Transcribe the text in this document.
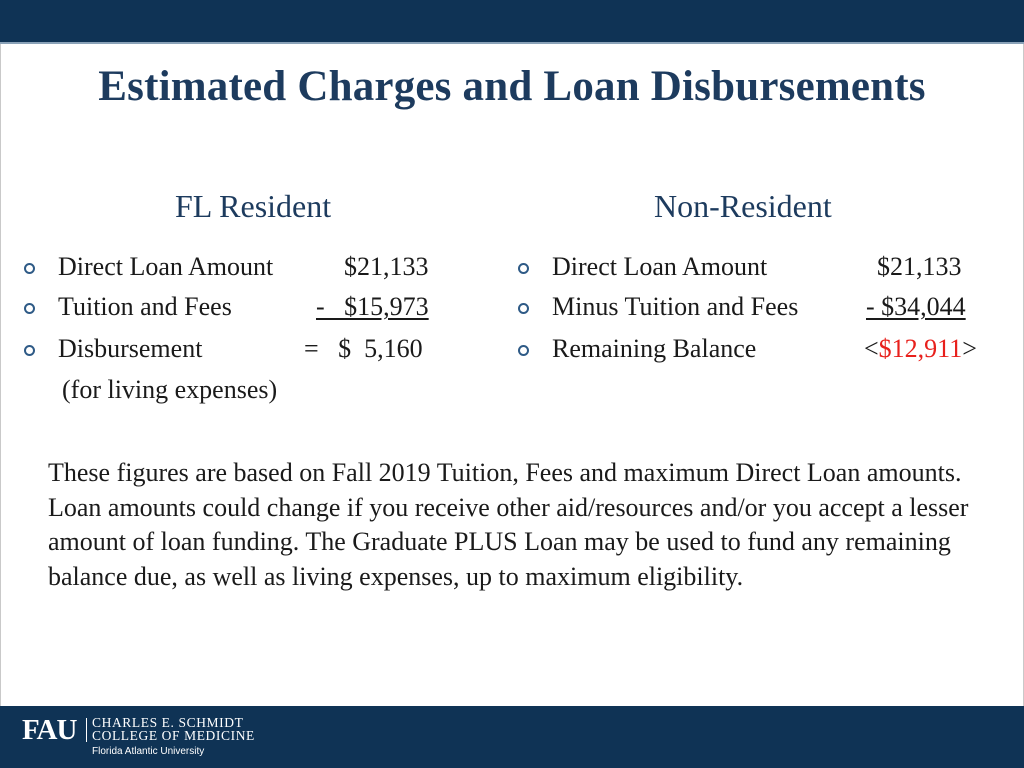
Estimated Charges and Loan Disbursements
FL Resident	Non-Resident
Direct Loan Amount	$21,133
Tuition and Fees	-   $15,973
Disbursement	=   $  5,160
(for living expenses)
Direct Loan Amount	$21,133
Minus Tuition and Fees	- $34,044
Remaining Balance	<$12,911>
These figures are based on Fall 2019 Tuition, Fees and maximum Direct Loan amounts. Loan amounts could change if you receive other aid/resources and/or you accept a lesser amount of loan funding. The Graduate PLUS Loan may be used to fund any remaining balance due, as well as living expenses, up to maximum eligibility.
FAU CHARLES E. SCHMIDT
COLLEGE OF MEDICINE
Florida Atlantic University
